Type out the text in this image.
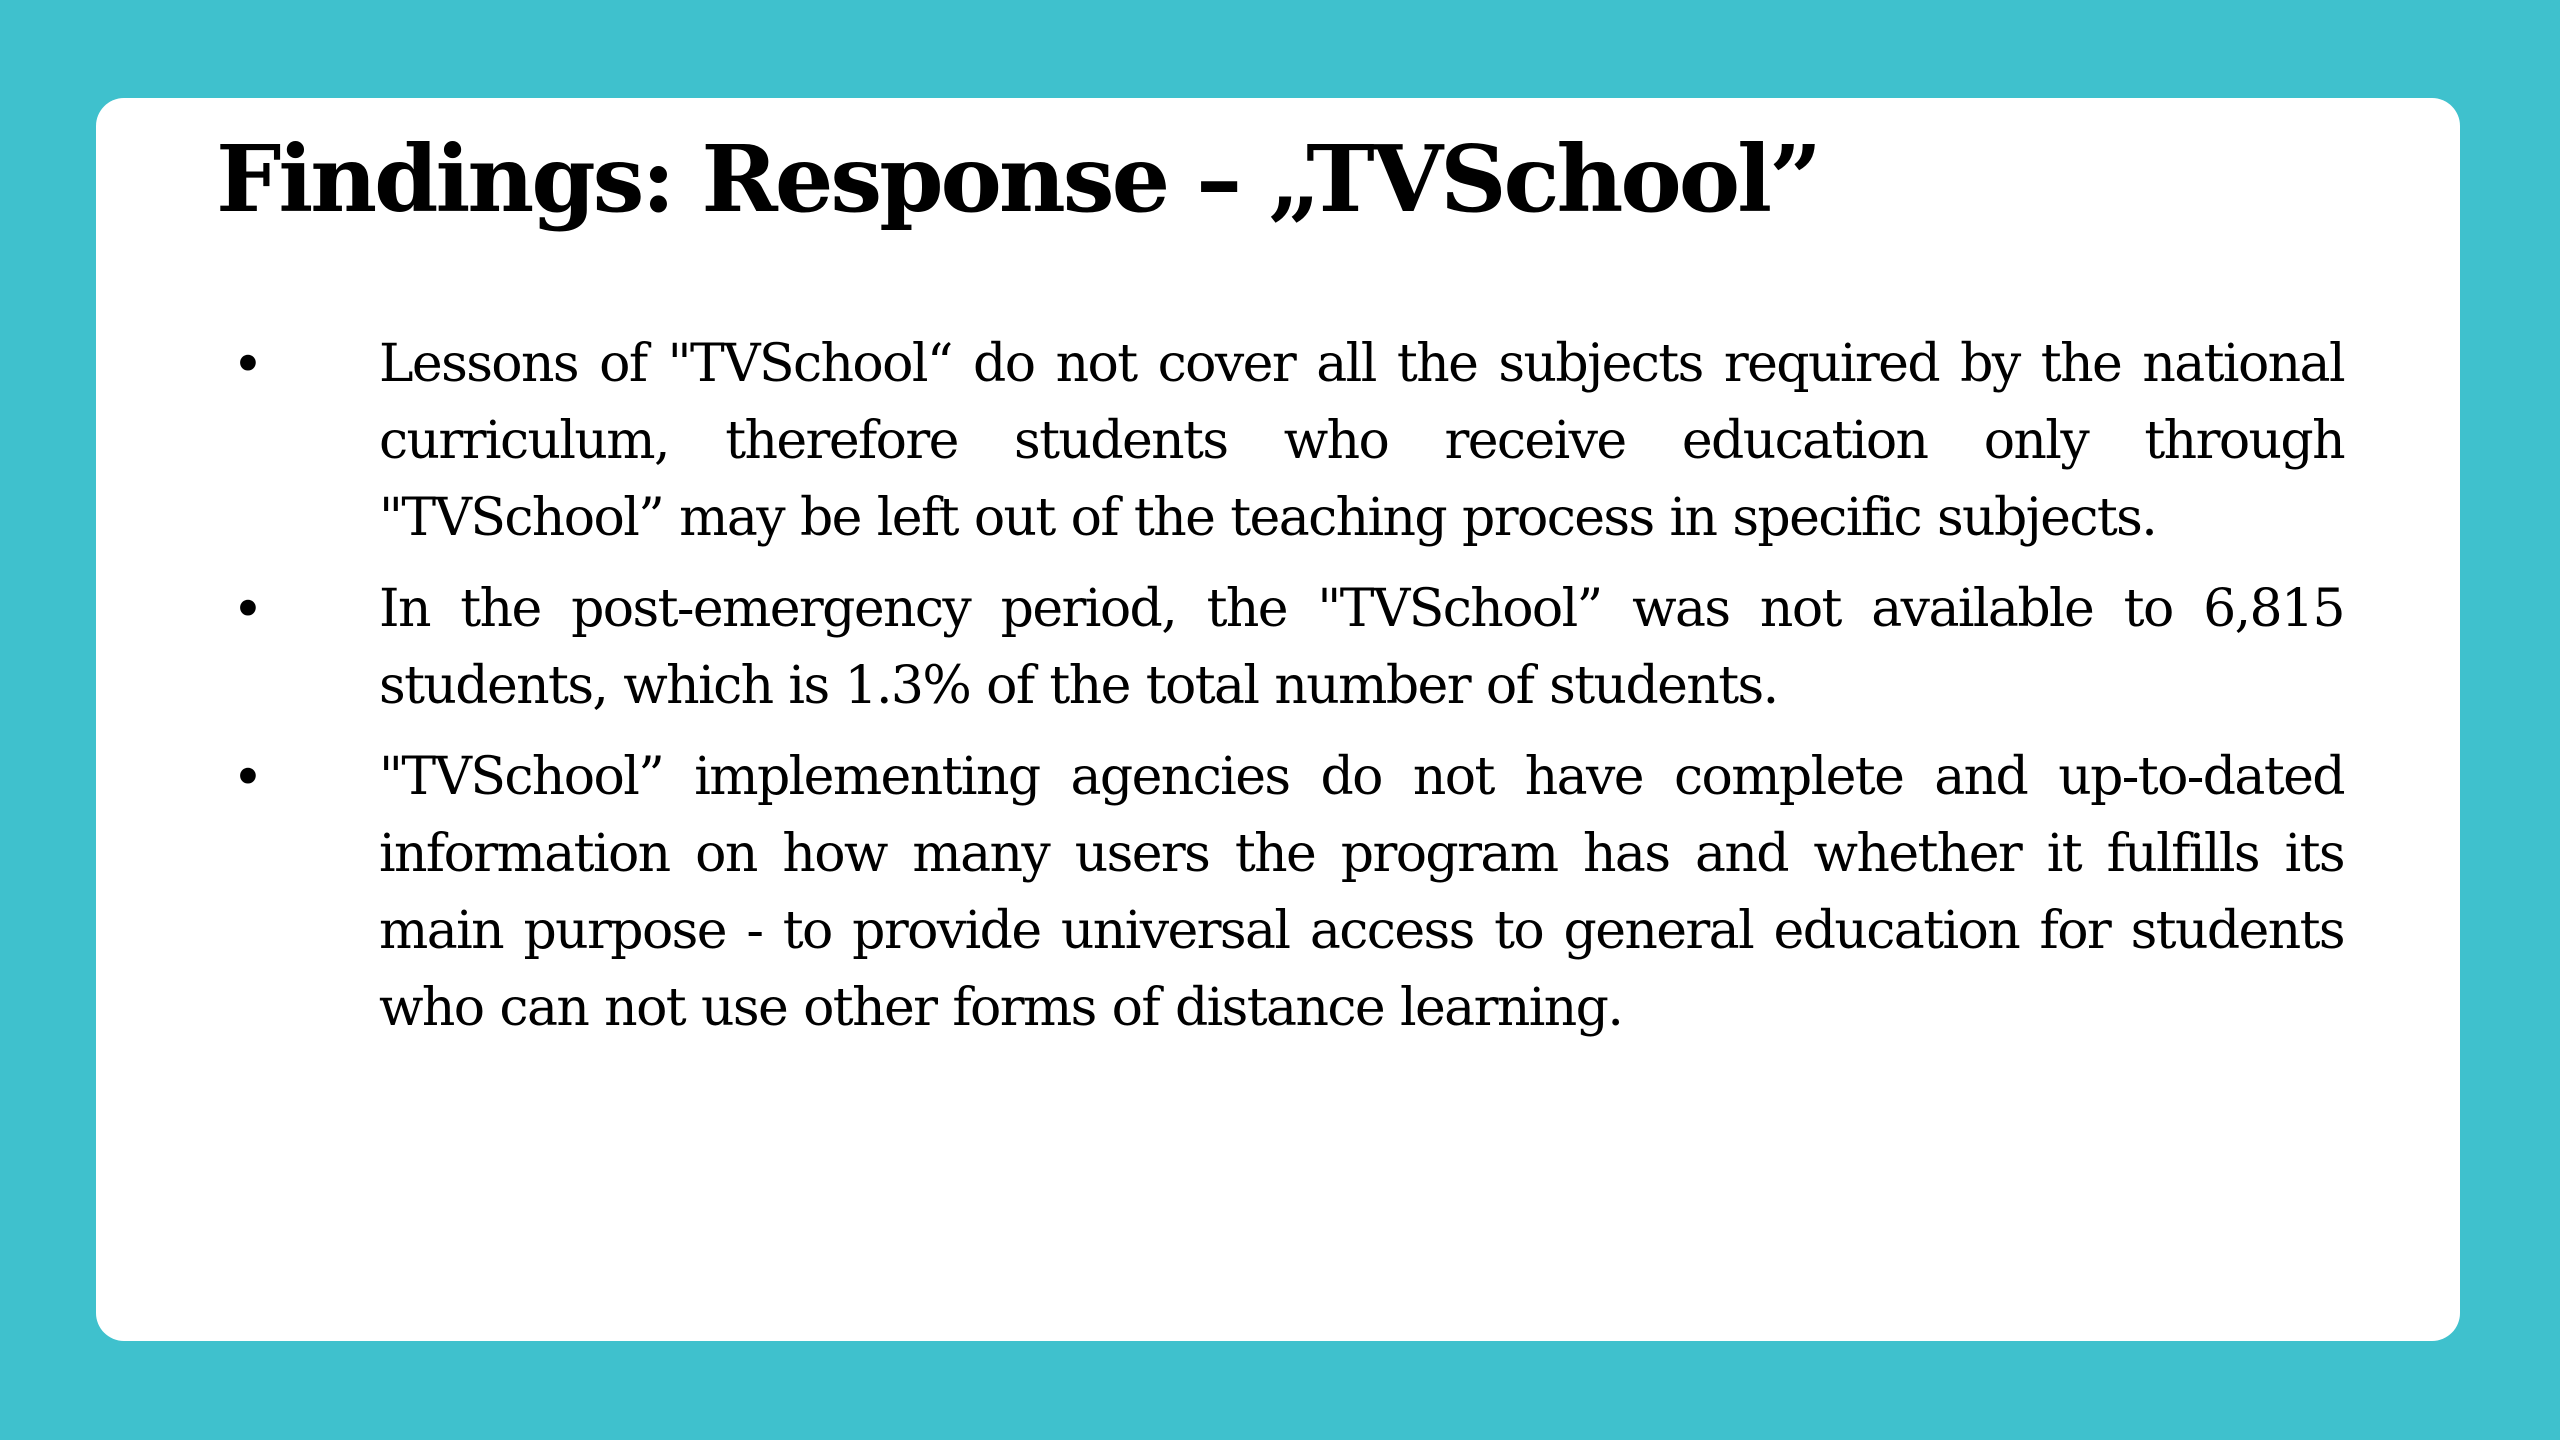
Findings: Response – „TVSchool”
•	Lessons of "TVSchool“ do not cover all the subjects required by the national curriculum, therefore students who receive education only through "TVSchool” may be left out of the teaching process in specific subjects.
•	In the post-emergency period, the "TVSchool” was not available to 6,815 students, which is 1.3% of the total number of students.
•	"TVSchool” implementing agencies do not have complete and up-to-dated information on how many users the program has and whether it fulfills its main purpose - to provide universal access to general education for students who can not use other forms of distance learning.
